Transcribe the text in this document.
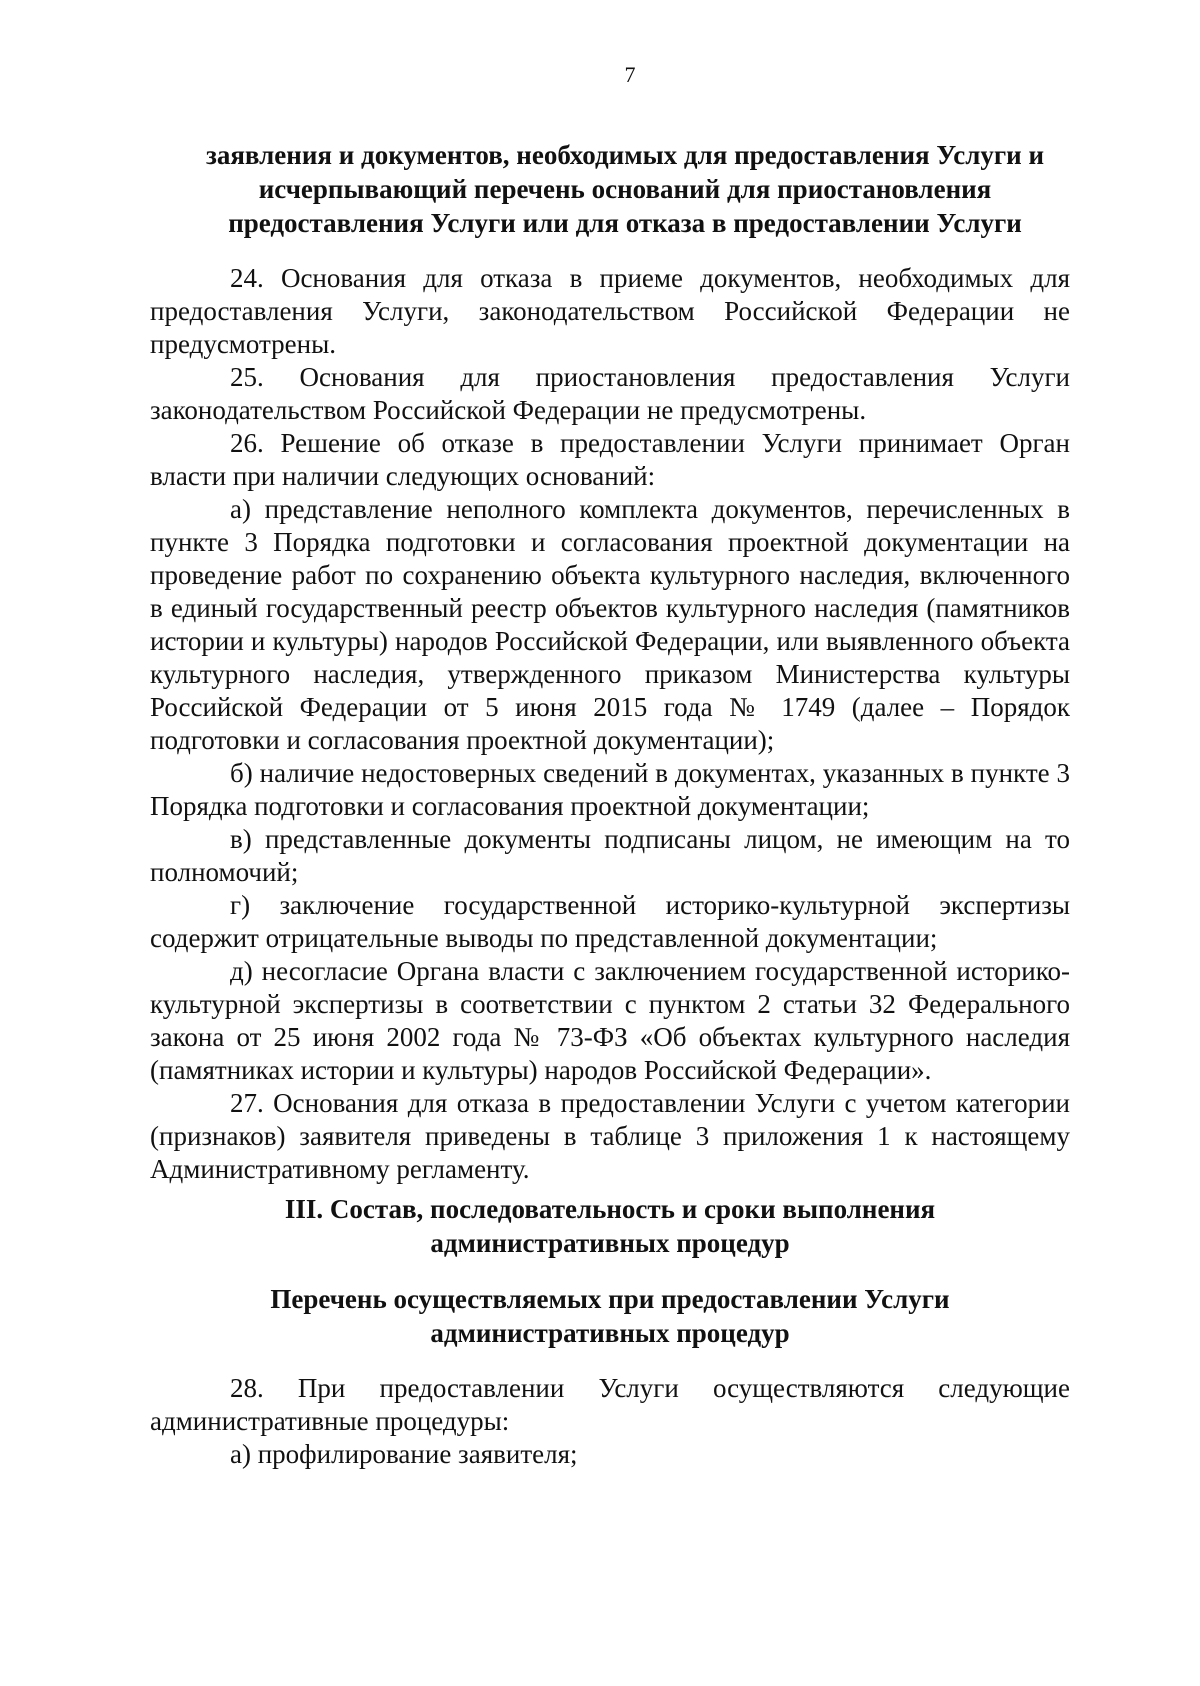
7

заявления и документов, необходимых для предоставления Услуги и исчерпывающий перечень оснований для приостановления предоставления Услуги или для отказа в предоставлении Услуги

24. Основания для отказа в приеме документов, необходимых для предоставления Услуги, законодательством Российской Федерации не предусмотрены.

25. Основания для приостановления предоставления Услуги законодательством Российской Федерации не предусмотрены.

26. Решение об отказе в предоставлении Услуги принимает Орган власти при наличии следующих оснований:

а) представление неполного комплекта документов, перечисленных в пункте 3 Порядка подготовки и согласования проектной документации на проведение работ по сохранению объекта культурного наследия, включенного в единый государственный реестр объектов культурного наследия (памятников истории и культуры) народов Российской Федерации, или выявленного объекта культурного наследия, утвержденного приказом Министерства культуры Российской Федерации от 5 июня 2015 года № 1749 (далее – Порядок подготовки и согласования проектной документации);

б) наличие недостоверных сведений в документах, указанных в пункте 3 Порядка подготовки и согласования проектной документации;

в) представленные документы подписаны лицом, не имеющим на то полномочий;

г) заключение государственной историко-культурной экспертизы содержит отрицательные выводы по представленной документации;

д) несогласие Органа власти с заключением государственной историко-культурной экспертизы в соответствии с пунктом 2 статьи 32 Федерального закона от 25 июня 2002 года № 73-ФЗ «Об объектах культурного наследия (памятниках истории и культуры) народов Российской Федерации».

27. Основания для отказа в предоставлении Услуги с учетом категории (признаков) заявителя приведены в таблице 3 приложения 1 к настоящему Административному регламенту.

III. Состав, последовательность и сроки выполнения административных процедур

Перечень осуществляемых при предоставлении Услуги административных процедур

28. При предоставлении Услуги осуществляются следующие административные процедуры:

а) профилирование заявителя;
